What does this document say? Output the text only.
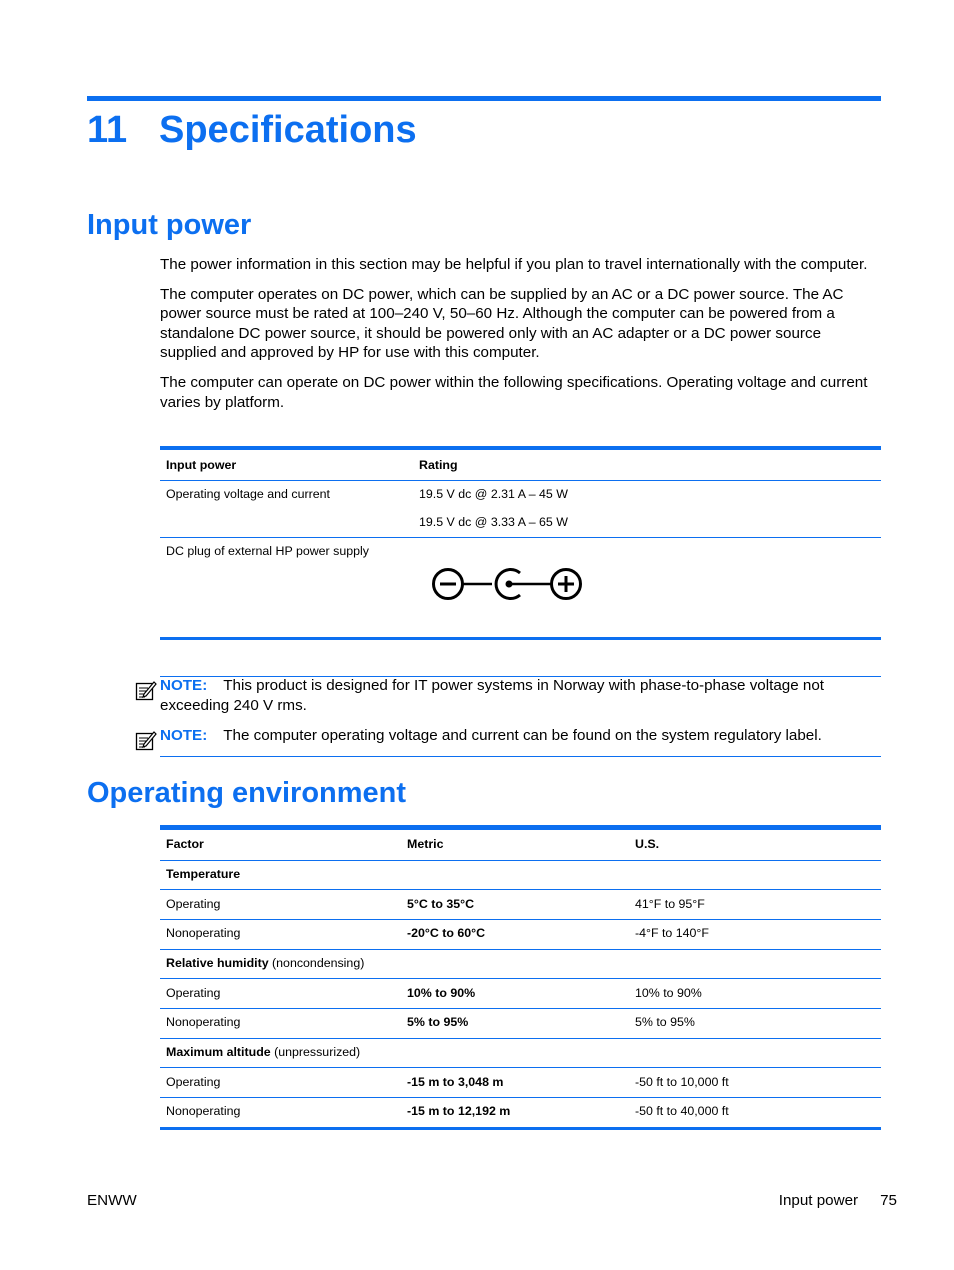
11 Specifications
Input power

The power information in this section may be helpful if you plan to travel internationally with the computer.

The computer operates on DC power, which can be supplied by an AC or a DC power source. The AC power source must be rated at 100–240 V, 50–60 Hz. Although the computer can be powered from a standalone DC power source, it should be powered only with an AC adapter or a DC power source supplied and approved by HP for use with this computer.

The computer can operate on DC power within the following specifications. Operating voltage and current varies by platform.

Input power	Rating
Operating voltage and current	19.5 V dc @ 2.31 A – 45 W
19.5 V dc @ 3.33 A – 65 W
DC plug of external HP power supply
NOTE: This product is designed for IT power systems in Norway with phase-to-phase voltage not exceeding 240 V rms.
NOTE: The computer operating voltage and current can be found on the system regulatory label.
Operating environment
Factor	Metric	U.S.
Temperature
Operating	5°C to 35°C	41°F to 95°F
Nonoperating	-20°C to 60°C	-4°F to 140°F
Relative humidity (noncondensing)
Operating	10% to 90%	10% to 90%
Nonoperating	5% to 95%	5% to 95%
Maximum altitude (unpressurized)
Operating	-15 m to 3,048 m	-50 ft to 10,000 ft
Nonoperating	-15 m to 12,192 m	-50 ft to 40,000 ft
ENWW	Input power 75
